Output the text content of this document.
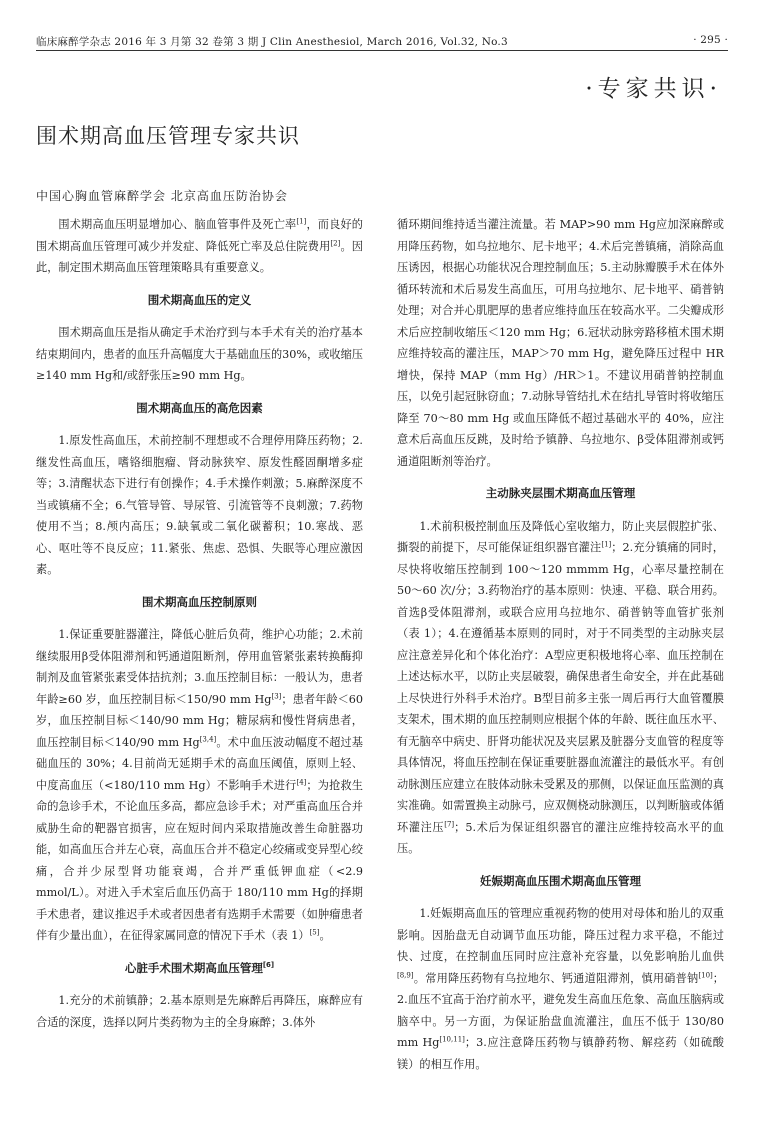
临床麻醉学杂志 2016 年 3 月第 32 卷第 3 期 J Clin Anesthesiol, March 2016, Vol.32, No.3	· 295 ·
·专家共识·
围术期高血压管理专家共识
中国心胸血管麻醉学会 北京高血压防治协会

围术期高血压明显增加心、脑血管事件及死亡率[1]，而良好的围术期高血压管理可减少并发症、降低死亡率及总住院费用[2]。因此，制定围术期高血压管理策略具有重要意义。

围术期高血压的定义

围术期高血压是指从确定手术治疗到与本手术有关的治疗基本结束期间内，患者的血压升高幅度大于基础血压的30%，或收缩压≥140 mm Hg和/或舒张压≥90 mm Hg。

围术期高血压的高危因素

1.原发性高血压，术前控制不理想或不合理停用降压药物；2.继发性高血压，嗜铬细胞瘤、肾动脉狭窄、原发性醛固酮增多症等；3.清醒状态下进行有创操作；4.手术操作刺激；5.麻醉深度不当或镇痛不全；6.气管导管、导尿管、引流管等不良刺激；7.药物使用不当；8.颅内高压；9.缺氧或二氧化碳蓄积；10.寒战、恶心、呕吐等不良反应；11.紧张、焦虑、恐惧、失眠等心理应激因素。

围术期高血压控制原则

1.保证重要脏器灌注，降低心脏后负荷，维护心功能；2.术前继续服用β受体阻滞剂和钙通道阻断剂，停用血管紧张素转换酶抑制剂及血管紧张素受体拮抗剂；3.血压控制目标：一般认为，患者年龄≥60 岁，血压控制目标＜150/90 mm Hg[3]；患者年龄＜60 岁，血压控制目标＜140/90 mm Hg；糖尿病和慢性肾病患者，血压控制目标＜140/90 mm Hg[3,4]。术中血压波动幅度不超过基础血压的 30%；4.目前尚无延期手术的高血压阈值，原则上轻、中度高血压（<180/110 mm Hg）不影响手术进行[4]；为抢救生命的急诊手术，不论血压多高，都应急诊手术；对严重高血压合并威胁生命的靶器官损害，应在短时间内采取措施改善生命脏器功能，如高血压合并左心衰，高血压合并不稳定心绞痛或变异型心绞痛，合并少尿型肾功能衰竭，合并严重低钾血症（<2.9 mmol/L）。对进入手术室后血压仍高于 180/110 mm Hg的择期手术患者，建议推迟手术或者因患者有选期手术需要（如肿瘤患者伴有少量出血），在征得家属同意的情况下手术（表 1）[5]。

心脏手术围术期高血压管理[6]

1.充分的术前镇静；2.基本原则是先麻醉后再降压，麻醉应有合适的深度，选择以阿片类药物为主的全身麻醉；3.体外

循环期间维持适当灌注流量。若 MAP>90 mm Hg应加深麻醉或用降压药物，如乌拉地尔、尼卡地平；4.术后完善镇痛，消除高血压诱因，根据心功能状况合理控制血压；5.主动脉瓣膜手术在体外循环转流和术后易发生高血压，可用乌拉地尔、尼卡地平、硝普钠处理；对合并心肌肥厚的患者应维持血压在较高水平。二尖瓣成形术后应控制收缩压＜120 mm Hg；6.冠状动脉旁路移植术围术期应维持较高的灌注压，MAP＞70 mm Hg，避免降压过程中 HR 增快，保持 MAP（mm Hg）/HR＞1。不建议用硝普钠控制血压，以免引起冠脉窃血；7.动脉导管结扎术在结扎导管时将收缩压降至 70～80 mm Hg 或血压降低不超过基础水平的 40%，应注意术后高血压反跳，及时给予镇静、乌拉地尔、β受体阻滞剂或钙通道阻断剂等治疗。

主动脉夹层围术期高血压管理

1.术前积极控制血压及降低心室收缩力，防止夹层假腔扩张、撕裂的前提下，尽可能保证组织器官灌注[1]；2.充分镇痛的同时，尽快将收缩压控制到 100～120 mmmm Hg，心率尽量控制在 50～60 次/分；3.药物治疗的基本原则：快速、平稳、联合用药。首选β受体阻滞剂，或联合应用乌拉地尔、硝普钠等血管扩张剂（表 1）；4.在遵循基本原则的同时，对于不同类型的主动脉夹层应注意差异化和个体化治疗：A型应更积极地将心率、血压控制在上述达标水平，以防止夹层破裂，确保患者生命安全，并在此基础上尽快进行外科手术治疗。B型目前多主张一周后再行大血管覆膜支架术，围术期的血压控制则应根据个体的年龄、既往血压水平、有无脑卒中病史、肝肾功能状况及夹层累及脏器分支血管的程度等具体情况，将血压控制在保证重要脏器血流灌注的最低水平。有创动脉测压应建立在肢体动脉未受累及的那侧，以保证血压监测的真实准确。如需置换主动脉弓，应双侧桡动脉测压，以判断脑或体循环灌注压[7]；5.术后为保证组织器官的灌注应维持较高水平的血压。

妊娠期高血压围术期高血压管理

1.妊娠期高血压的管理应重视药物的使用对母体和胎儿的双重影响。因胎盘无自动调节血压功能，降压过程力求平稳，不能过快、过度，在控制血压同时应注意补充容量，以免影响胎儿血供[8,9]。常用降压药物有乌拉地尔、钙通道阻滞剂，慎用硝普钠[10]；2.血压不宜高于治疗前水平，避免发生高血压危象、高血压脑病或脑卒中。另一方面，为保证胎盘血流灌注，血压不低于 130/80 mm Hg[10,11]；3.应注意降压药物与镇静药物、解痉药（如硫酸镁）的相互作用。
